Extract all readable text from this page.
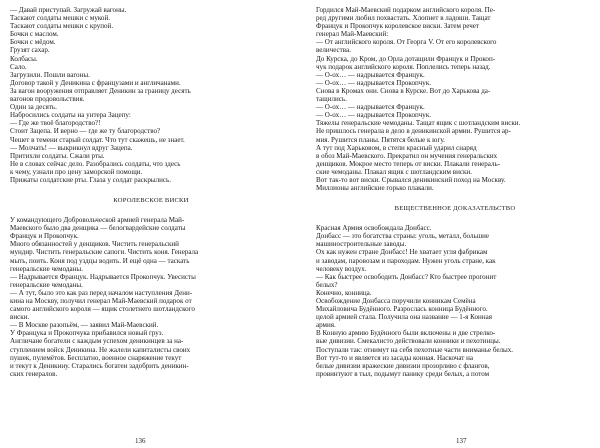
— Давай приступай. Загружай вагоны.
Таскают солдаты мешки с мукой.
Таскают солдаты мешки с крупой.
Бочки с маслом.
Бочки с мёдом.
Грузят сахар.
Колбасы.
Сало.
Загрузили. Пошли вагоны.
Договор такой у Деникина с французами и англичанами.
За вагон вооружения отправляет Деникин за границу десять
вагонов продовольствия.
Один за десять.
Набросились солдаты на унтера Зацепу:
— Где же твоё благородство?!
Стоит Зацепа. И верно — где же ту благородство?
Чешет в темени старый солдат. Что тут скажешь, не знает.
— Молчать! — выкрикнул вдруг Зацепа.
Притихли солдаты. Сжали рты.
Не в словах сейчас дело. Разобрались солдаты, что здесь
к чему, узнали про цену заморской помощи.
Прижаты солдатские рты. Глаза у солдат раскрылись.
КОРОЛЕВСКОЕ ВИСКИ
У командующего Добровольческой армией генерала Май-
Маевского было два денщика — белогвардейские солдаты
Францук и Прокопчук.
Много обязанностей у денщиков. Чистить генеральский
мундир. Чистить генеральские сапоги. Чистить коня. Генерала
мыть, поить. Коня под уздцы водить. И ещё одна — таскать
генеральские чемоданы.
— Надрывается Францук. Надрывается Прокопчук. Увесисты
генеральские чемоданы.
— А тут, было это как раз перед началом наступления Дени-
кина на Москву, получил генерал Май-Маевский подарок от
самого английского короля — ящик столетнего шотландского
виски.
— В Москве разопьём, — заявил Май-Маевский.
У Францука и Прокопчука прибавился новый груз.
Англичане богатели с каждым успехом деникинцев за на-
ступлением войск Деникина. Не жалели капиталисты своих
пушек, пулемётов. Бесплатно, военное снаряжение текут
и текут к Деникину. Старались богатеи задобрить деникин-
ских генералов.
Гордился Май-Маевский подарком английского короля. Пе-
ред другими любил похвастать. Хлопнет в ладоши. Тащат
Францук и Прокопчук королевское виски. Затем речет
генерал Май-Маевский:
— От английского короля. От Георга V. От его королевского
величества.
До Курска, до Кром, до Орла дотащили Францук и Прокоп-
чук подарок английского короля. Поплелись теперь назад.
— О-ох… — надрывается Францук.
— О-ох… — надрывается Прокопчук.
Снова в Кромах они. Снова в Курске. Вот до Харькова да-
тащились.
— О-ох… — надрывается Францук.
— О-ох… — надрывается Прокопчук.
Тяжелы генеральские чемоданы. Тащат ящик с шотландским виски.
Не пришлось генерала в дело в деникинской армии. Рушится ар-
мия. Рушится планы. Пятятся белые к югу.
А тут под Харьковом, в степи красный ударил снаряд
в обоз Май-Маевского. Прекратил он мучения генеральских
денщиков. Мокрое место теперь от виски. Плакали генераль-
ские чемоданы. Плакал ящик с шотландским виски.
Вот так-то вот виски. Срывался деникинский поход на Москву.
Миллионы английские горько плакали.
ВЕЩЕСТВЕННОЕ ДОКАЗАТЕЛЬСТВО
Красная Армия освобождала Донбасс.
Донбасс — это богатства страны: уголь, металл, большие
машиностроительные заводы.
Ох как нужен стране Донбасс! Не хватает угля фабрикам
и заводам, паровозам и пароходам. Нужен уголь стране, как
человеку воздух.
— Как быстрее освободить Донбасс? Кто быстрее прогонит
белых?
Конечно, конница.
Освобождение Донбасса поручили конникам Семёна
Михайловича Будённого. Разрослась конница Будённого.
целой армией стала. Получила она название — 1-я Конная
армия.
В Конную армию Будённого были включены и две стрелко-
вые дивизии. Смекалисто действовали конники и пехотинцы.
Поступали так: отнимут на себя пехотные части вниманье белых.
Вот тут-то и является из засады конная. Наскочат на
белые дивизии вражеские дивизии прозорливо с флангов,
провинтуют в тыл, подымут панику среди белых, а потом
136	137
